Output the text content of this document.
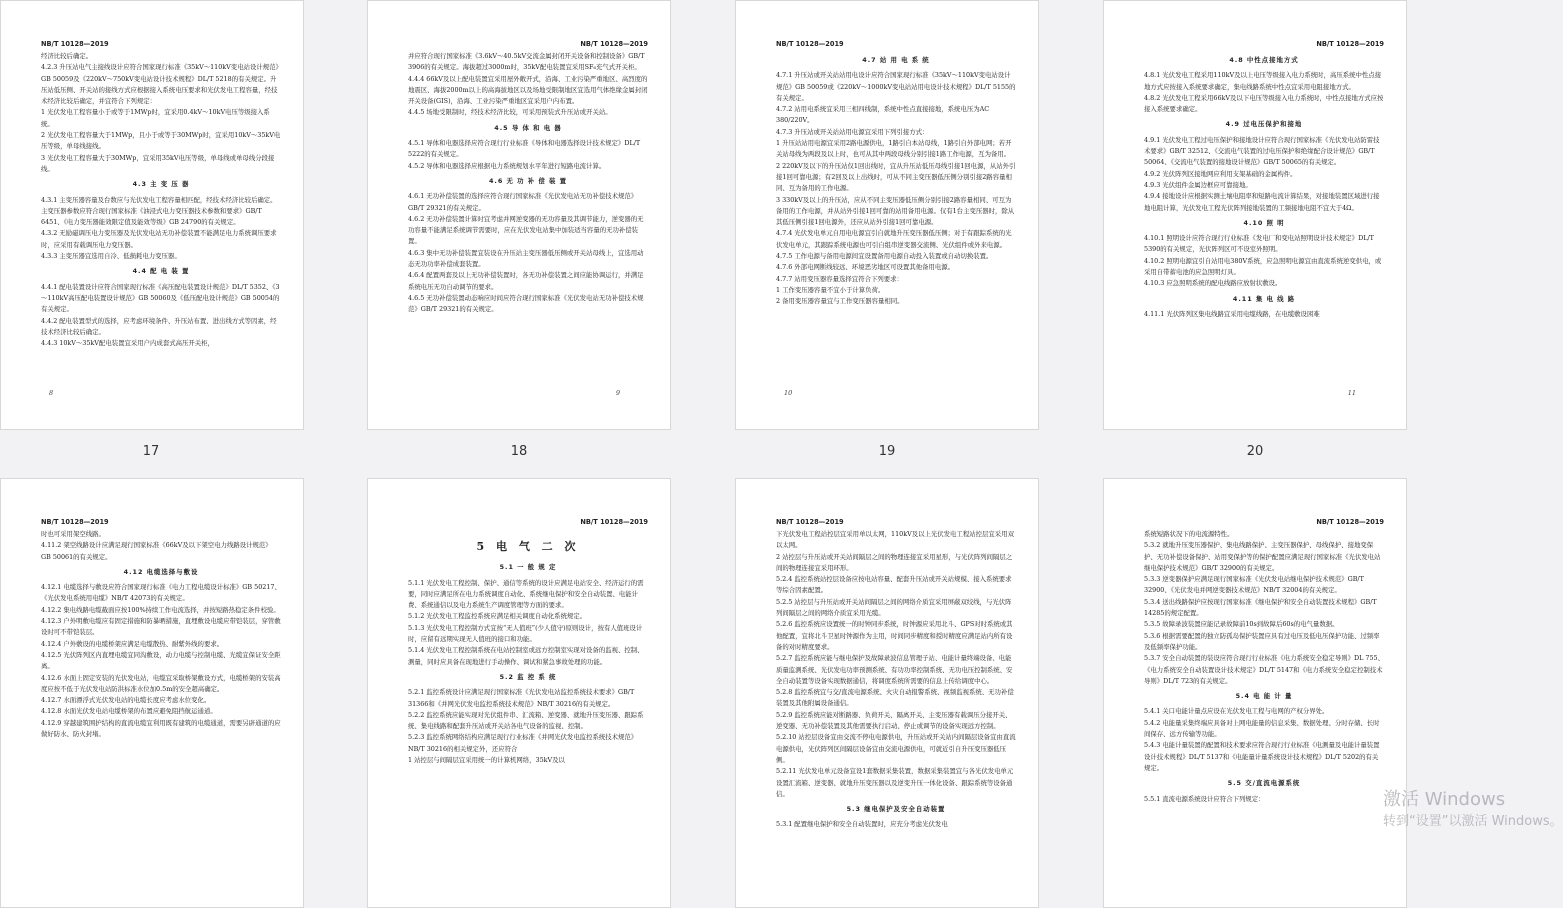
NB/T 10128—2019

经济比较后确定。

4.2.3 升压站电气主接线设计应符合国家现行标准《35kV～110kV变电站设计规范》GB 50059及《220kV～750kV变电站设计技术规程》DL/T 5218的有关规定。升压站低压侧、开关站的接线方式应根据接入系统电压要求和光伏发电工程容量，经技术经济比较后确定，并宜符合下列规定：

1 光伏发电工程容量小于或等于1MWp时，宜采用0.4kV～10kV电压等级接入系统。

2 光伏发电工程容量大于1MWp，且小于或等于30MWp时，宜采用10kV～35kV电压等级，单母线接线。

3 光伏发电工程容量大于30MWp，宜采用35kV电压等级，单母线或单母线分段接线。

4.3 主 变 压 器

4.3.1 主变压器容量及台数应与光伏发电工程容量相匹配，经技术经济比较后确定。主变压器参数应符合现行国家标准《油浸式电力变压器技术参数和要求》GB/T 6451、《电力变压器能效限定值及能效等级》GB 24790的有关规定。

4.3.2 无励磁调压电力变压器及光伏发电站无功补偿装置不能满足电力系统调压要求时，应采用有载调压电力变压器。

4.3.3 主变压器宜选用自冷、低损耗电力变压器。

4.4 配 电 装 置

4.4.1 配电装置设计应符合国家现行标准《高压配电装置设计规范》DL/T 5352、《3～110kV高压配电装置设计规范》GB 50060及《低压配电设计规范》GB 50054的有关规定。

4.4.2 配电装置型式的选择，应考虑环境条件、升压站布置、进出线方式等因素，经技术经济比较后确定。

4.4.3 10kV～35kV配电装置宜采用户内成套式高压开关柜，

8
17
NB/T 10128—2019

并应符合现行国家标准《3.6kV～40.5kV交流金属封闭开关设备和控制设备》GB/T 3906的有关规定。海拔超过3000m时，35kV配电装置宜采用SF₆充气式开关柜。

4.4.4 66kV及以上配电装置宜采用屋外敞开式，沿海、工业污染严重地区、高烈度的地震区、海拔2000m以上的高海拔地区以及场地受限制地区宜选用气体绝缘金属封闭开关设备(GIS)，沿海、工业污染严重地区宜采用户内布置。

4.4.5 场地受限制时，经技术经济比较，可采用预装式升压站或开关站。

4.5 导 体 和 电 器

4.5.1 导体和电器选择应符合现行行业标准《导体和电器选择设计技术规定》DL/T 5222的有关规定。

4.5.2 导体和电器选择应根据电力系统规划水平年进行短路电流计算。

4.6 无 功 补 偿 装 置

4.6.1 无功补偿装置的选择应符合现行国家标准《光伏发电站无功补偿技术规范》GB/T 29321的有关规定。

4.6.2 无功补偿装置计算时宜考虑并网逆变器的无功容量及其调节能力，逆变器的无功容量不能满足系统调节需要时，应在光伏发电站集中加装适当容量的无功补偿装置。

4.6.3 集中无功补偿装置宜装设在升压站主变压器低压侧或开关站母线上，宜选用动态无功功率补偿成套装置。

4.6.4 配置两套及以上无功补偿装置时，各无功补偿装置之间应能协调运行，并满足系统电压无功自动调节的要求。

4.6.5 无功补偿装置动态响应时间应符合现行国家标准《光伏发电站无功补偿技术规范》GB/T 29321的有关规定。

9
18
NB/T 10128—2019

4.7 站 用 电 系 统

4.7.1 升压站或开关站站用电设计应符合国家现行标准《35kV～110kV变电站设计规范》GB 50059或《220kV～1000kV变电站站用电设计技术规程》DL/T 5155的有关规定。

4.7.2 站用电系统宜采用三相四线制，系统中性点直接接地，系统电压为AC 380/220V。

4.7.3 升压站或开关站站用电源宜采用下列引接方式：

1 升压站站用电源宜采用2路电源供电，1路引自本站母线，1路引自外部电网；若开关站母线为两段及以上时，也可从其中两段母线分别引接1路工作电源，互为备用。

2 220kV及以下的升压站仅1回出线时，宜从升压站低压母线引接1回电源，从站外引接1回可靠电源；有2回及以上出线时，可从不同主变压器低压侧分别引接2路容量相同、互为备用的工作电源。

3 330kV及以上的升压站，应从不同主变压器低压侧分别引接2路容量相同、可互为备用的工作电源，并从站外引接1回可靠的站用备用电源。仅有1台主变压器时，除从其低压侧引接1回电源外，还应从站外引接1回可靠电源。

4.7.4 光伏发电单元自用电电源宜引自就地升压变压器低压侧；对于有跟踪系统的光伏发电单元，其跟踪系统电源也可引自组串逆变器交流侧、光伏组件或外来电源。

4.7.5 工作电源与备用电源间宜设置备用电源自动投入装置或自动切换装置。

4.7.6 外部电网断线较远、环境恶劣地区可设置其他备用电源。

4.7.7 站用变压器容量选择宜符合下列要求：

1 工作变压器容量不宜小于计算负荷。

2 备用变压器容量宜与工作变压器容量相同。

10
19
NB/T 10128—2019

4.8 中性点接地方式

4.8.1 光伏发电工程采用110kV及以上电压等级接入电力系统时，高压系统中性点接地方式应按接入系统要求确定，集电线路系统中性点宜采用电阻接地方式。

4.8.2 光伏发电工程采用66kV及以下电压等级接入电力系统时，中性点接地方式应按接入系统要求确定。

4.9 过电压保护和接地

4.9.1 光伏发电工程过电压保护和接地设计应符合现行国家标准《光伏发电站防雷技术要求》GB/T 32512、《交流电气装置的过电压保护和绝缘配合设计规范》GB/T 50064、《交流电气装置的接地设计规范》GB/T 50065的有关规定。

4.9.2 光伏阵列区接地网应利用支架基础的金属构件。

4.9.3 光伏组件金属边框应可靠接地。

4.9.4 接地设计应根据实测土壤电阻率和短路电流计算结果，对接地装置区域进行接地电阻计算，光伏发电工程光伏阵列接地装置的工频接地电阻不宜大于4Ω。

4.10 照 明

4.10.1 照明设计应符合现行行业标准《发电厂和变电站照明设计技术规定》DL/T 5390的有关规定，光伏阵列区可不设室外照明。

4.10.2 照明电源宜引自站用电380V系统，应急照明电源宜由直流系统逆变供电，或采用自带蓄电池的应急照明灯具。

4.10.3 应急照明系统的配电线路应放射状敷设。

4.11 集 电 线 路

4.11.1 光伏阵列区集电线路宜采用电缆线路，在电缆敷设困难

11
20
NB/T 10128—2019

时也可采用架空线路。

4.11.2 架空线路设计应满足现行国家标准《66kV及以下架空电力线路设计规范》GB 50061的有关规定。

4.12 电缆选择与敷设

4.12.1 电缆选择与敷设应符合国家现行标准《电力工程电缆设计标准》GB 50217、《光伏发电系统用电缆》NB/T 42073的有关规定。

4.12.2 集电线路电缆截面应按100%持续工作电流选择，并按短路热稳定条件校验。

4.12.3 户外明敷电缆应有固定措施和防暴晒措施，直埋敷设电缆应带铠装层，穿管敷设时可不带铠装层。

4.12.4 户外敷设的电缆桥架应满足电缆散热、耐紫外线的要求。

4.12.5 光伏阵列区内直埋电缆宜同沟敷设，动力电缆与控制电缆、光缆宜保证安全距离。

4.12.6 水面上固定安装的光伏发电站，电缆宜采取桥架敷设方式，电缆桥架的安装高度应按不低于光伏发电站防洪标准水位加0.5m的安全超高确定。

4.12.7 水面漂浮式光伏发电站的电缆长度应考虑水位变化。

4.12.8 水面光伏发电站电缆桥架的布置应避免阻挡航运通道。

4.12.9 穿越建筑围护结构的直流电缆宜利用既有建筑的电缆通道，需要另辟通道的应做好防水、防火封堵。

NB/T 10128—2019

5 电 气 二 次

5.1 一 般 规 定

5.1.1 光伏发电工程控制、保护、通信等系统的设计应满足电站安全、经济运行的需要，同时应满足所在电力系统调度自动化、系统继电保护和安全自动装置、电能计费、系统通信以及电力系统生产调度管理等方面的要求。

5.1.2 光伏发电工程监控系统应满足相关调度自动化系统规定。

5.1.3 光伏发电工程控制方式宜按“无人值班”(少人值守)原则设计，按有人值班设计时，应留有远期实现无人值班的接口和功能。

5.1.4 光伏发电工程控制系统在电站控制室或远方控制室实现对设备的监视、控制、测量，同时应具备在现地进行手动操作、调试和紧急事故处理的功能。

5.2 监 控 系 统

5.2.1 监控系统设计应满足现行国家标准《光伏发电站监控系统技术要求》GB/T 31366和《并网光伏发电监控系统技术规范》NB/T 30216的有关规定。

5.2.2 监控系统应能实现对光伏组件串、汇流箱、逆变器、就地升压变压器、跟踪系统、集电线路和配套升压站或开关站各电气设备的监视、控制。

5.2.3 监控系统网络结构应满足现行行业标准《并网光伏发电监控系统技术规范》NB/T 30216的相关规定外，还应符合

1 站控层与间隔层宜采用统一的计算机网络，35kV及以

NB/T 10128—2019

下光伏发电工程站控层宜采用单以太网，110kV及以上光伏发电工程站控层宜采用双以太网。

2 站控层与升压站或开关站间隔层之间的物理连接宜采用星形，与光伏阵列间隔层之间的物理连接宜采用环形。

5.2.4 监控系统站控层设备应按电站容量、配套升压站或开关站规模、接入系统要求等综合因素配置。

5.2.5 站控层与升压站或开关站间隔层之间的网络介质宜采用屏蔽双绞线，与光伏阵列间隔层之间的网络介质宜采用光缆。

5.2.6 监控系统应设置统一的时钟同步系统，时钟源应采用北斗、GPS对时系统或其他配置，宜将北斗卫星时钟源作为主用，时间同步精度和授时精度应满足站内所有设备的对时精度要求。

5.2.7 监控系统应能与继电保护及故障录波信息管理子站、电能计量终端设备、电能质量监测系统、光伏发电功率预测系统、有功功率控制系统、无功电压控制系统、安全自动装置等设备实现数据通信，将调度系统所需要的信息上传给调度中心。

5.2.8 监控系统宜与交/直流电源系统、火灾自动报警系统、视频监视系统、无功补偿装置及其他附属设备通信。

5.2.9 监控系统应能对断路器、负荷开关、隔离开关、主变压器有载调压分接开关、逆变器、无功补偿装置及其他需要执行启动、停止或调节的设备实现远方控制。

5.2.10 站控层设备宜由交流不停电电源供电，升压站或开关站内间隔层设备宜由直流电源供电，光伏阵列区间隔层设备宜由交流电源供电，可就近引自升压变压器低压侧。

5.2.11 光伏发电单元设备宜设1套数据采集装置，数据采集装置宜与各光伏发电单元设置汇流箱、逆变器、就地升压变压器以及逆变升压一体化设备、跟踪系统等设备通信。

5.3 继电保护及安全自动装置

5.3.1 配置继电保护和安全自动装置时，应充分考虑光伏发电

NB/T 10128—2019

系统短路状况下的电流源特性。

5.3.2 就地升压变压器保护、集电线路保护、主变压器保护、母线保护、接地变保护、无功补偿设备保护、站用变保护等的保护配置应满足现行国家标准《光伏发电站继电保护技术规范》GB/T 32900的有关规定。

5.3.3 逆变器保护应满足现行国家标准《光伏发电站继电保护技术规范》GB/T 32900、《光伏发电并网逆变器技术规范》NB/T 32004的有关规定。

5.3.4 送出线路保护应按现行国家标准《继电保护和安全自动装置技术规程》GB/T 14285的规定配置。

5.3.5 故障录波装置应能记录故障前10s到故障后60s的电气量数据。

5.3.6 根据需要配置的独立防孤岛保护装置应具有过电压及低电压保护功能、过频率及低频率保护功能。

5.3.7 安全自动装置的装设应符合现行行业标准《电力系统安全稳定导则》DL 755、《电力系统安全自动装置设计技术规定》DL/T 5147和《电力系统安全稳定控制技术导则》DL/T 723的有关规定。

5.4 电 能 计 量

5.4.1 关口电能计量点应设在光伏发电工程与电网的产权分界处。

5.4.2 电能量采集终端应具备对上网电能量的信息采集、数据处理、分时存储、长时间保存、远方传输等功能。

5.4.3 电能计量装置的配置和技术要求应符合现行行业标准《电测量及电能计量装置设计技术规程》DL/T 5137和《电能量计量系统设计技术规程》DL/T 5202的有关规定。

5.5 交/直流电源系统

5.5.1 直流电源系统设计应符合下列规定：	激活 Windows
转到“设置”以激活 Windows。
